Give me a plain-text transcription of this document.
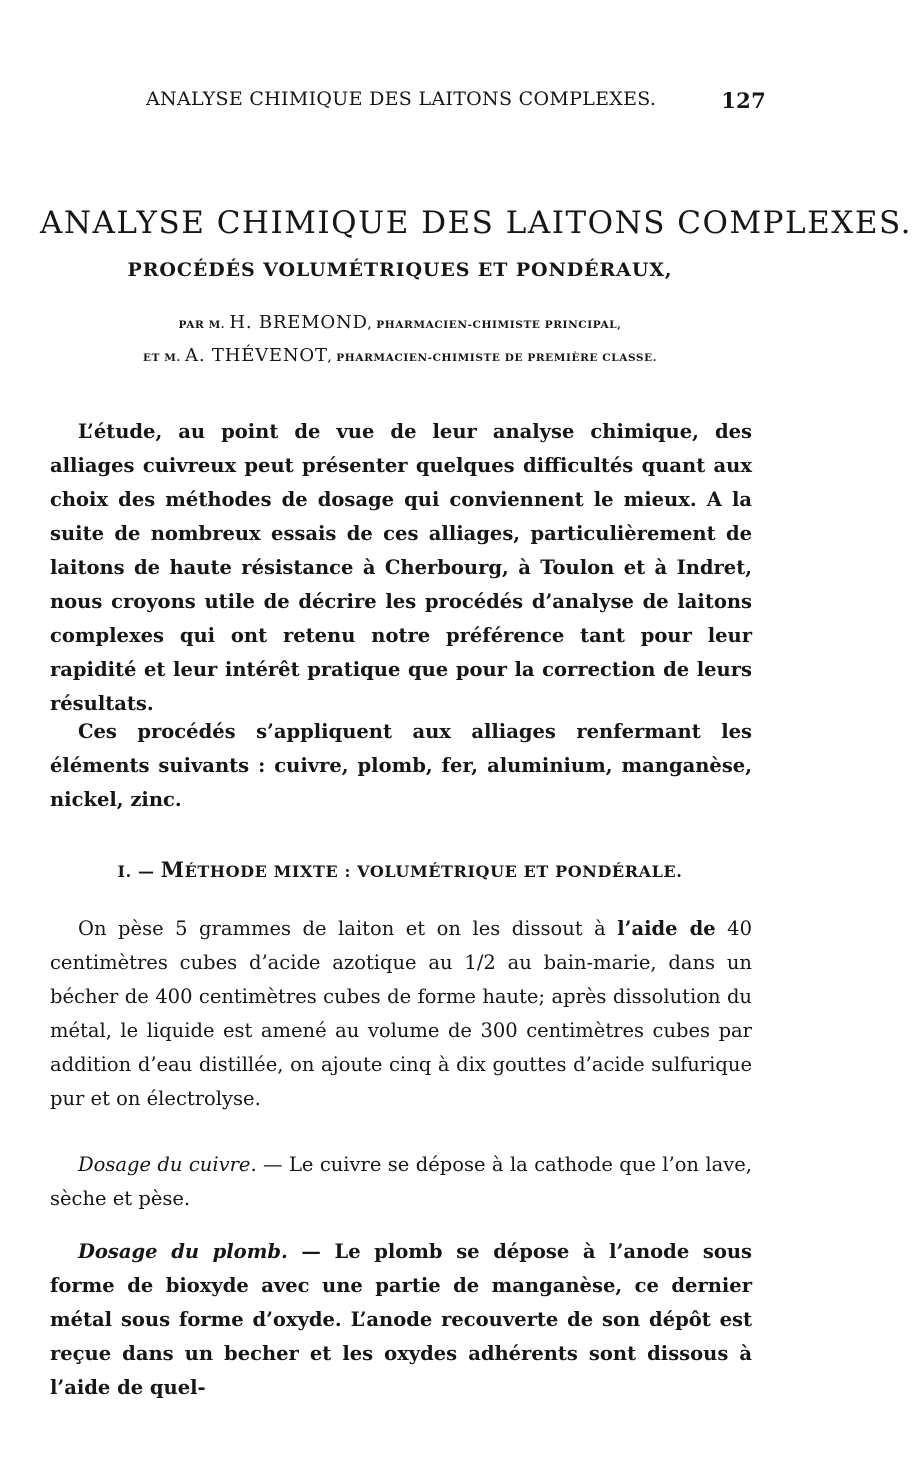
ANALYSE CHIMIQUE DES LAITONS COMPLEXES.	127
ANALYSE CHIMIQUE DES LAITONS COMPLEXES.
PROCÉDÉS VOLUMÉTRIQUES ET PONDÉRAUX,
PAR M. H. BREMOND, PHARMACIEN-CHIMISTE PRINCIPAL,
ET M. A. THÉVENOT, PHARMACIEN-CHIMISTE DE PREMIÈRE CLASSE.

L’étude, au point de vue de leur analyse chimique, des alliages cuivreux peut présenter quelques difficultés quant aux choix des méthodes de dosage qui conviennent le mieux. A la suite de nombreux essais de ces alliages, particulièrement de laitons de haute résistance à Cherbourg, à Toulon et à Indret, nous croyons utile de décrire les procédés d’analyse de laitons complexes qui ont retenu notre préférence tant pour leur rapidité et leur intérêt pratique que pour la correction de leurs résultats.

Ces procédés s’appliquent aux alliages renfermant les éléments suivants : cuivre, plomb, fer, aluminium, manganèse, nickel, zinc.

I. — MÉTHODE MIXTE : VOLUMÉTRIQUE ET PONDÉRALE.

On pèse 5 grammes de laiton et on les dissout à l’aide de 40 centimètres cubes d’acide azotique au 1/2 au bain-marie, dans un bécher de 400 centimètres cubes de forme haute; après dissolution du métal, le liquide est amené au volume de 300 centimètres cubes par addition d’eau distillée, on ajoute cinq à dix gouttes d’acide sulfurique pur et on électrolyse.

Dosage du cuivre. — Le cuivre se dépose à la cathode que l’on lave, sèche et pèse.

Dosage du plomb. — Le plomb se dépose à l’anode sous forme de bioxyde avec une partie de manganèse, ce dernier métal sous forme d’oxyde. L’anode recouverte de son dépôt est reçue dans un becher et les oxydes adhérents sont dissous à l’aide de quel-
